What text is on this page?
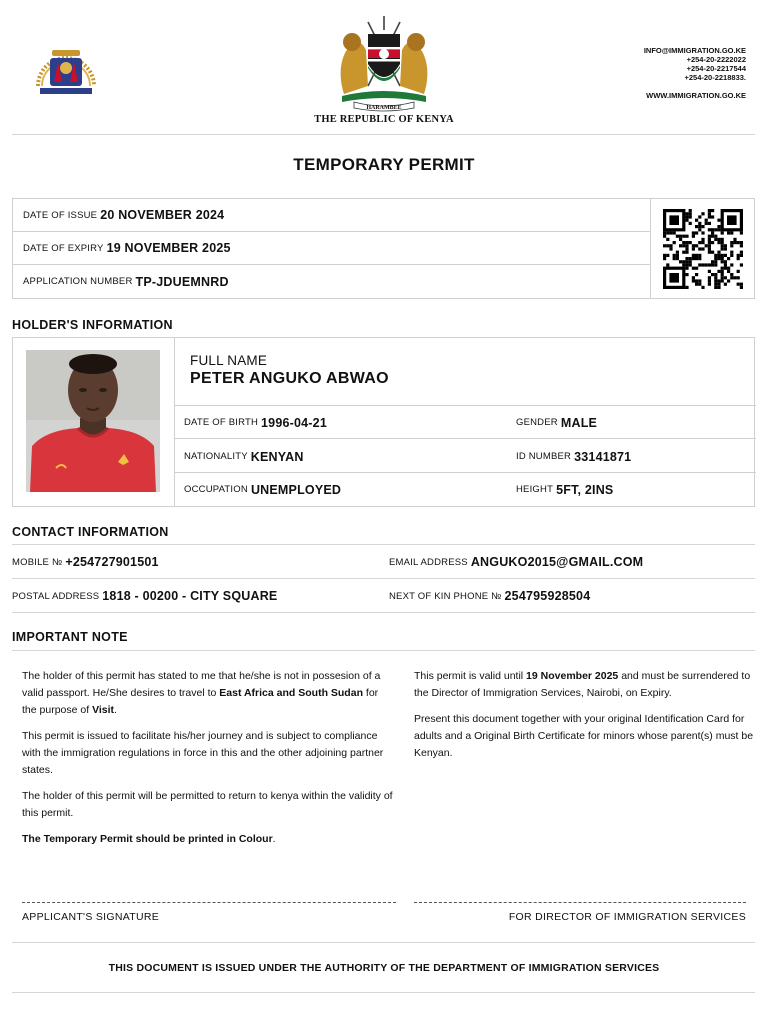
HARAMBEE
THE REPUBLIC OF KENYA
INFO@IMMIGRATION.GO.KE
+254-20-2222022
+254-20-2217544
+254-20-2218833.
WWW.IMMIGRATION.GO.KE
TEMPORARY PERMIT
DATE OF ISSUE 20 NOVEMBER 2024
DATE OF EXPIRY 19 NOVEMBER 2025
APPLICATION NUMBER TP-JDUEMNRD
HOLDER'S INFORMATION
FULL NAME
PETER ANGUKO ABWAO
DATE OF BIRTH 1996-04-21	GENDER MALE
NATIONALITY KENYAN	ID NUMBER 33141871
OCCUPATION UNEMPLOYED	HEIGHT 5FT, 2INS
CONTACT INFORMATION
MOBILE № +254727901501	EMAIL ADDRESS ANGUKO2015@GMAIL.COM
POSTAL ADDRESS 1818 - 00200 - CITY SQUARE	NEXT OF KIN PHONE № 254795928504
IMPORTANT NOTE

The holder of this permit has stated to me that he/she is not in possesion of a valid passport. He/She desires to travel to East Africa and South Sudan for the purpose of Visit.

This permit is issued to facilitate his/her journey and is subject to compliance with the immigration regulations in force in this and the other adjoining partner states.

The holder of this permit will be permitted to return to kenya within the validity of this permit.

The Temporary Permit should be printed in Colour.

This permit is valid until 19 November 2025 and must be surrendered to the Director of Immigration Services, Nairobi, on Expiry.

Present this document together with your original Identification Card for adults and a Original Birth Certificate for minors whose parent(s) must be Kenyan.

APPLICANT'S SIGNATURE	FOR DIRECTOR OF IMMIGRATION SERVICES
THIS DOCUMENT IS ISSUED UNDER THE AUTHORITY OF THE DEPARTMENT OF IMMIGRATION SERVICES
